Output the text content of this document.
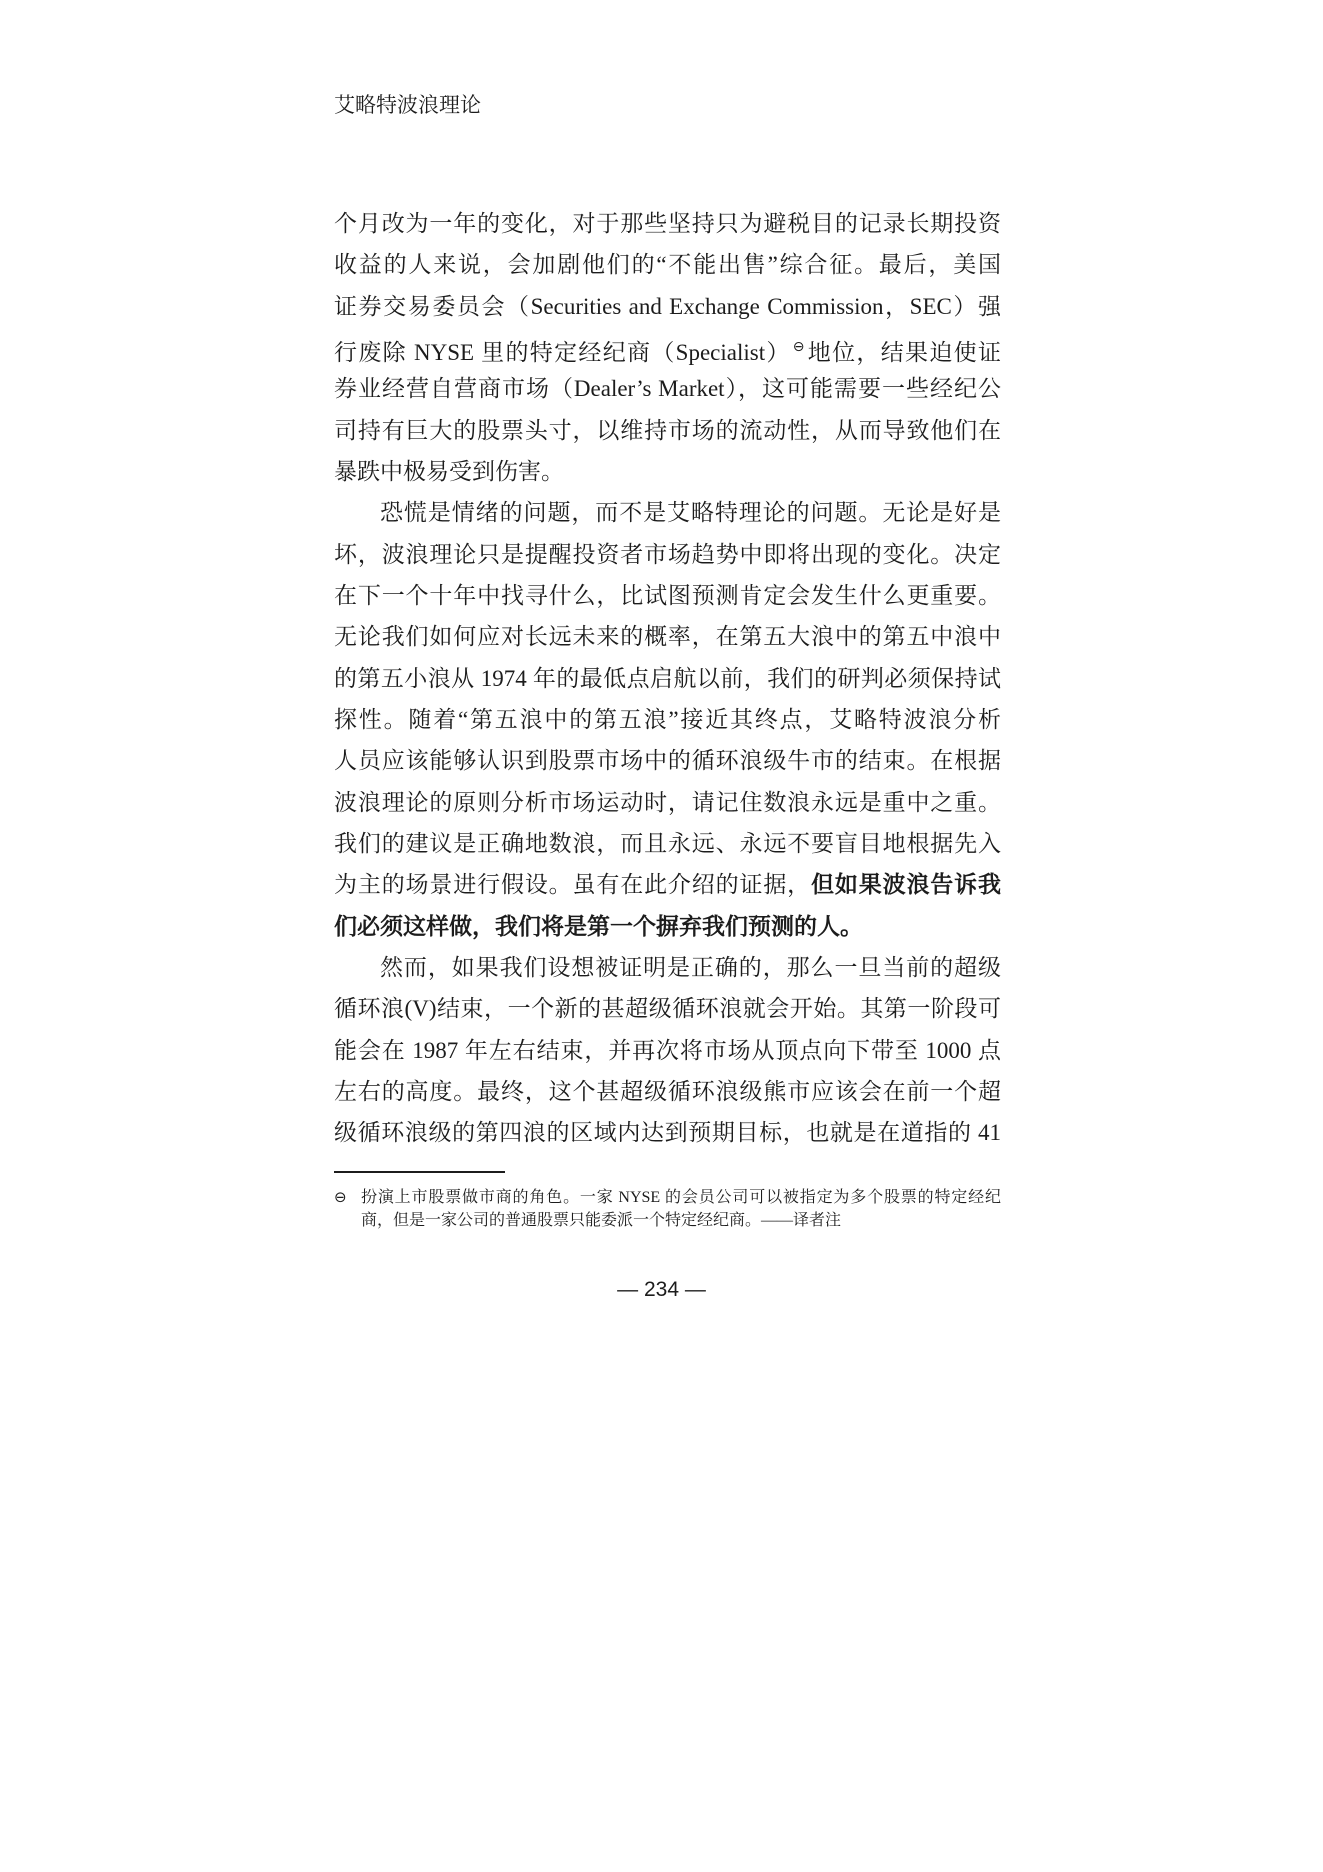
艾略特波浪理论
个月改为一年的变化，对于那些坚持只为避税目的记录长期投资
收益的人来说，会加剧他们的“不能出售”综合征。最后，美国
证券交易委员会（Securities and Exchange Commission，SEC）强
行废除 NYSE 里的特定经纪商（Specialist） ⊖地位，结果迫使证
券业经营自营商市场（Dealer’s Market），这可能需要一些经纪公
司持有巨大的股票头寸，以维持市场的流动性，从而导致他们在
暴跌中极易受到伤害。
恐慌是情绪的问题，而不是艾略特理论的问题。无论是好是
坏，波浪理论只是提醒投资者市场趋势中即将出现的变化。决定
在下一个十年中找寻什么，比试图预测肯定会发生什么更重要。
无论我们如何应对长远未来的概率，在第五大浪中的第五中浪中
的第五小浪从 1974 年的最低点启航以前，我们的研判必须保持试
探性。随着“第五浪中的第五浪”接近其终点，艾略特波浪分析
人员应该能够认识到股票市场中的循环浪级牛市的结束。在根据
波浪理论的原则分析市场运动时，请记住数浪永远是重中之重。
我们的建议是正确地数浪，而且永远、永远不要盲目地根据先入
为主的场景进行假设。虽有在此介绍的证据，但如果波浪告诉我
们必须这样做，我们将是第一个摒弃我们预测的人。
然而，如果我们设想被证明是正确的，那么一旦当前的超级
循环浪(V)结束，一个新的甚超级循环浪就会开始。其第一阶段可
能会在 1987 年左右结束，并再次将市场从顶点向下带至 1000 点
左右的高度。最终，这个甚超级循环浪级熊市应该会在前一个超
级循环浪级的第四浪的区域内达到预期目标，也就是在道指的 41
⊖ 扮演上市股票做市商的角色。一家 NYSE 的会员公司可以被指定为多个股票的特定经纪
商，但是一家公司的普通股票只能委派一个特定经纪商。——译者注
— 234 —
